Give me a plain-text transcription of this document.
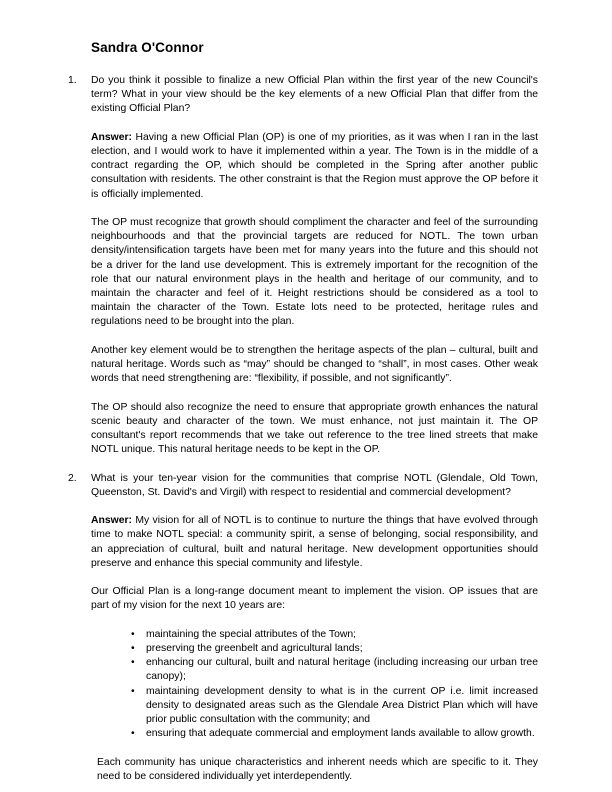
Sandra O'Connor
1. Do you think it possible to finalize a new Official Plan within the first year of the new Council's term? What in your view should be the key elements of a new Official Plan that differ from the existing Official Plan?

Answer: Having a new Official Plan (OP) is one of my priorities, as it was when I ran in the last election, and I would work to have it implemented within a year. The Town is in the middle of a contract regarding the OP, which should be completed in the Spring after another public consultation with residents. The other constraint is that the Region must approve the OP before it is officially implemented.

The OP must recognize that growth should compliment the character and feel of the surrounding neighbourhoods and that the provincial targets are reduced for NOTL. The town urban density/intensification targets have been met for many years into the future and this should not be a driver for the land use development. This is extremely important for the recognition of the role that our natural environment plays in the health and heritage of our community, and to maintain the character and feel of it. Height restrictions should be considered as a tool to maintain the character of the Town. Estate lots need to be protected, heritage rules and regulations need to be brought into the plan.

Another key element would be to strengthen the heritage aspects of the plan – cultural, built and natural heritage. Words such as “may” should be changed to “shall”, in most cases. Other weak words that need strengthening are: “flexibility, if possible, and not significantly”.

The OP should also recognize the need to ensure that appropriate growth enhances the natural scenic beauty and character of the town. We must enhance, not just maintain it. The OP consultant's report recommends that we take out reference to the tree lined streets that make NOTL unique. This natural heritage needs to be kept in the OP.

2. What is your ten-year vision for the communities that comprise NOTL (Glendale, Old Town, Queenston, St. David's and Virgil) with respect to residential and commercial development?

Answer: My vision for all of NOTL is to continue to nurture the things that have evolved through time to make NOTL special: a community spirit, a sense of belonging, social responsibility, and an appreciation of cultural, built and natural heritage. New development opportunities should preserve and enhance this special community and lifestyle.

Our Official Plan is a long-range document meant to implement the vision. OP issues that are part of my vision for the next 10 years are:

• maintaining the special attributes of the Town;
• preserving the greenbelt and agricultural lands;
• enhancing our cultural, built and natural heritage (including increasing our urban tree canopy);
• maintaining development density to what is in the current OP i.e. limit increased density to designated areas such as the Glendale Area District Plan which will have prior public consultation with the community; and
• ensuring that adequate commercial and employment lands available to allow growth.

Each community has unique characteristics and inherent needs which are specific to it. They need to be considered individually yet interdependently.
